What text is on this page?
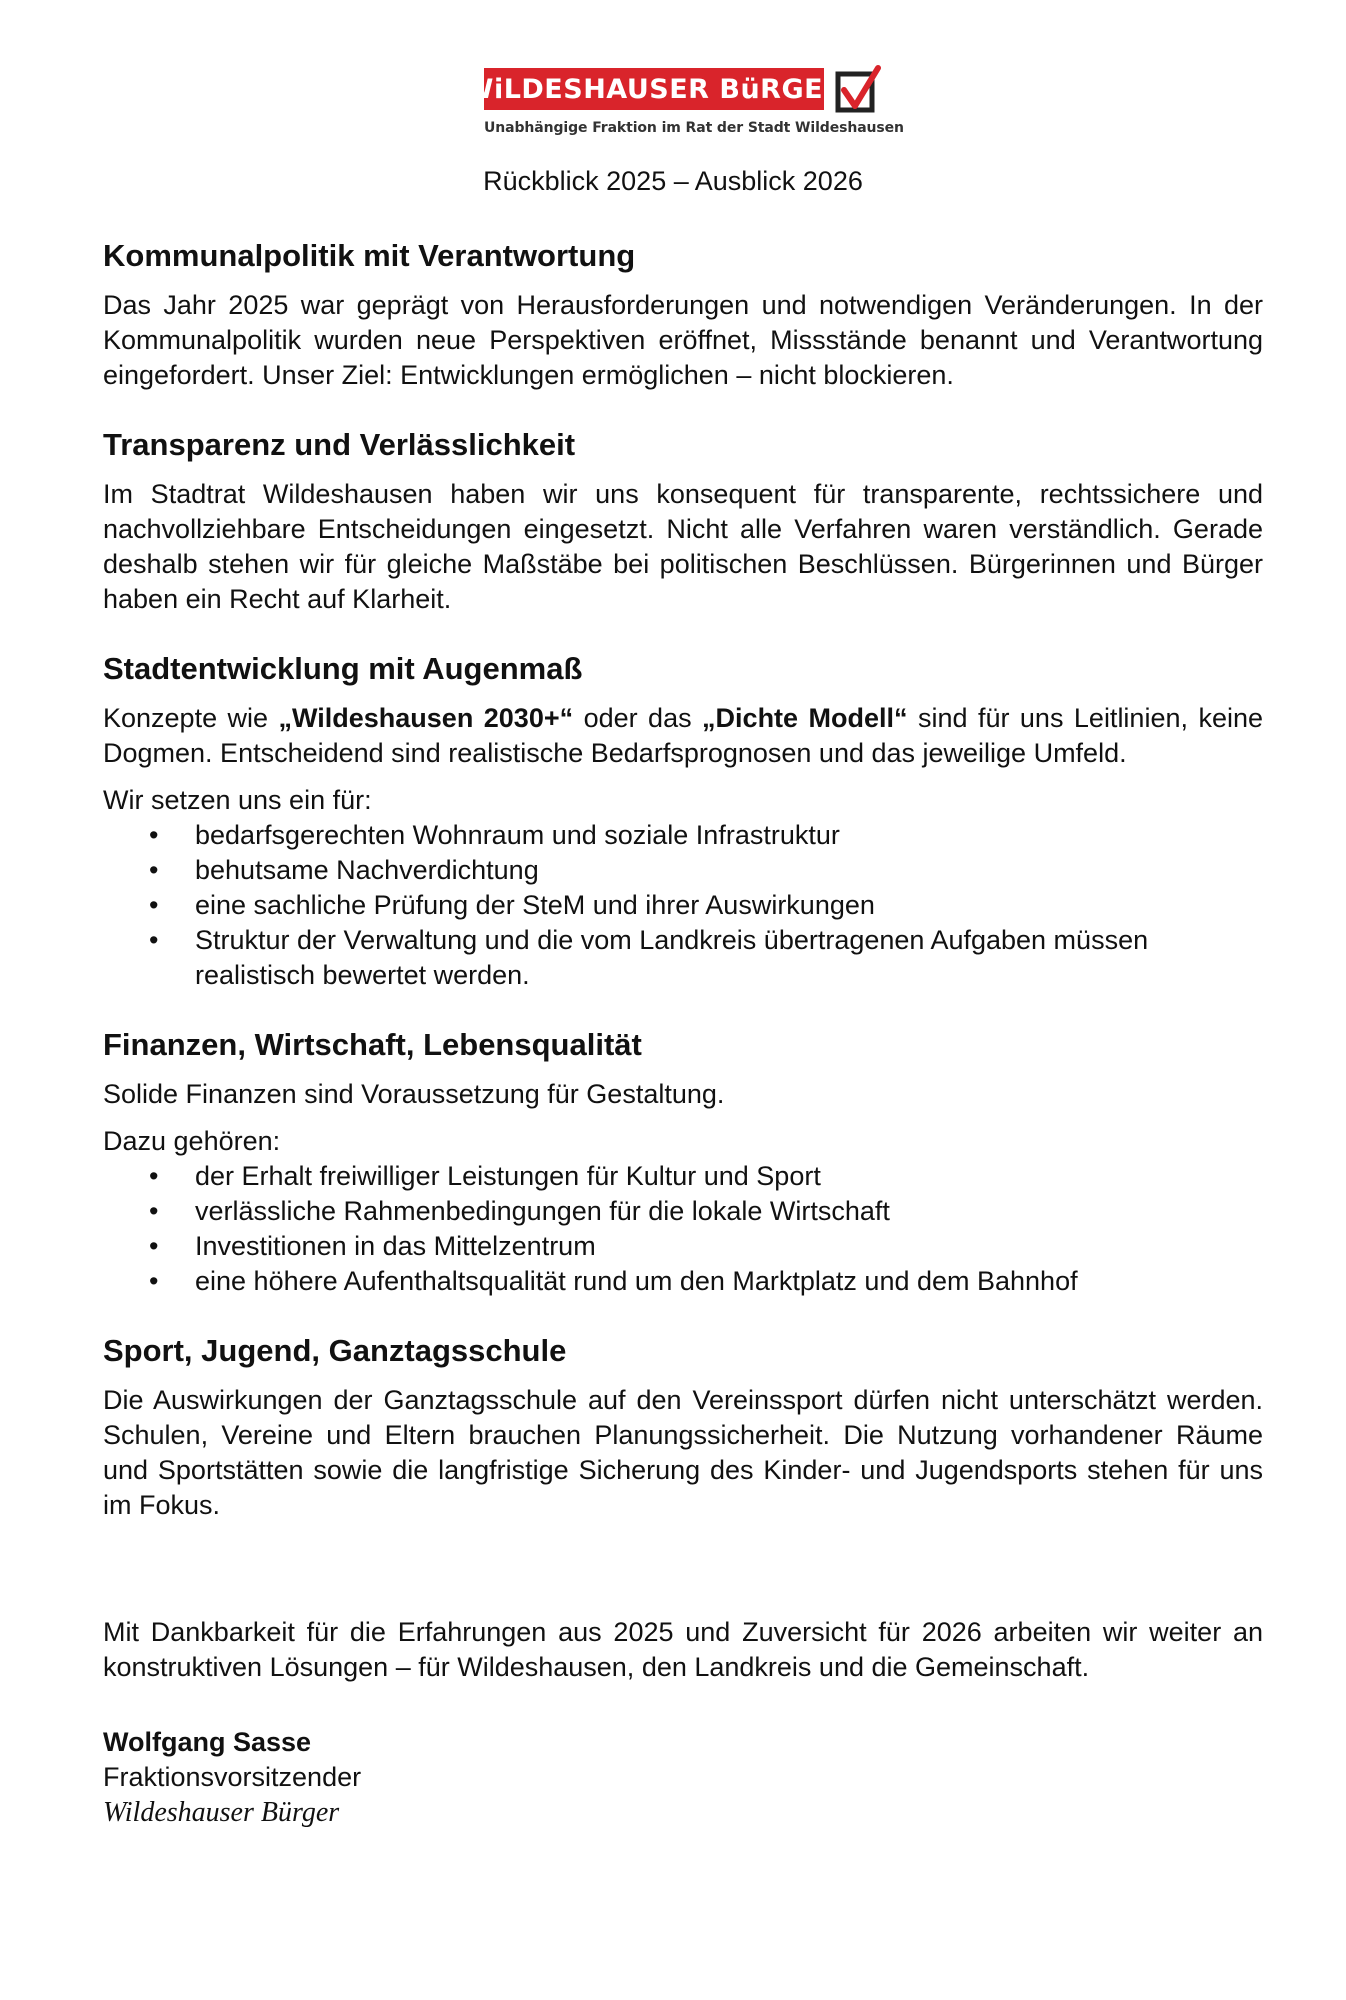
WiLDESHAUSER BüRGER
Unabhängige Fraktion im Rat der Stadt Wildeshausen
Rückblick 2025 – Ausblick 2026
Kommunalpolitik mit Verantwortung

Das Jahr 2025 war geprägt von Herausforderungen und notwendigen Veränderungen. In der Kommunalpolitik wurden neue Perspektiven eröffnet, Missstände benannt und Verantwortung eingefordert. Unser Ziel: Entwicklungen ermöglichen – nicht blockieren.

Transparenz und Verlässlichkeit

Im Stadtrat Wildeshausen haben wir uns konsequent für transparente, rechtssichere und nachvollziehbare Entscheidungen eingesetzt. Nicht alle Verfahren waren verständlich. Gerade deshalb stehen wir für gleiche Maßstäbe bei politischen Beschlüssen. Bürgerinnen und Bürger haben ein Recht auf Klarheit.

Stadtentwicklung mit Augenmaß

Konzepte wie „Wildeshausen 2030+“ oder das „Dichte Modell“ sind für uns Leitlinien, keine Dogmen. Entscheidend sind realistische Bedarfsprognosen und das jeweilige Umfeld.

Wir setzen uns ein für:

• bedarfsgerechten Wohnraum und soziale Infrastruktur
• behutsame Nachverdichtung
• eine sachliche Prüfung der SteM und ihrer Auswirkungen
• Struktur der Verwaltung und die vom Landkreis übertragenen Aufgaben müssen realistisch bewertet werden.
Finanzen, Wirtschaft, Lebensqualität

Solide Finanzen sind Voraussetzung für Gestaltung.

Dazu gehören:

• der Erhalt freiwilliger Leistungen für Kultur und Sport
• verlässliche Rahmenbedingungen für die lokale Wirtschaft
• Investitionen in das Mittelzentrum
• eine höhere Aufenthaltsqualität rund um den Marktplatz und dem Bahnhof
Sport, Jugend, Ganztagsschule

Die Auswirkungen der Ganztagsschule auf den Vereinssport dürfen nicht unterschätzt werden. Schulen, Vereine und Eltern brauchen Planungssicherheit. Die Nutzung vorhandener Räume und Sportstätten sowie die langfristige Sicherung des Kinder- und Jugendsports stehen für uns im Fokus.

Mit Dankbarkeit für die Erfahrungen aus 2025 und Zuversicht für 2026 arbeiten wir weiter an konstruktiven Lösungen – für Wildeshausen, den Landkreis und die Gemeinschaft.

Wolfgang Sasse
Fraktionsvorsitzender
Wildeshauser Bürger
